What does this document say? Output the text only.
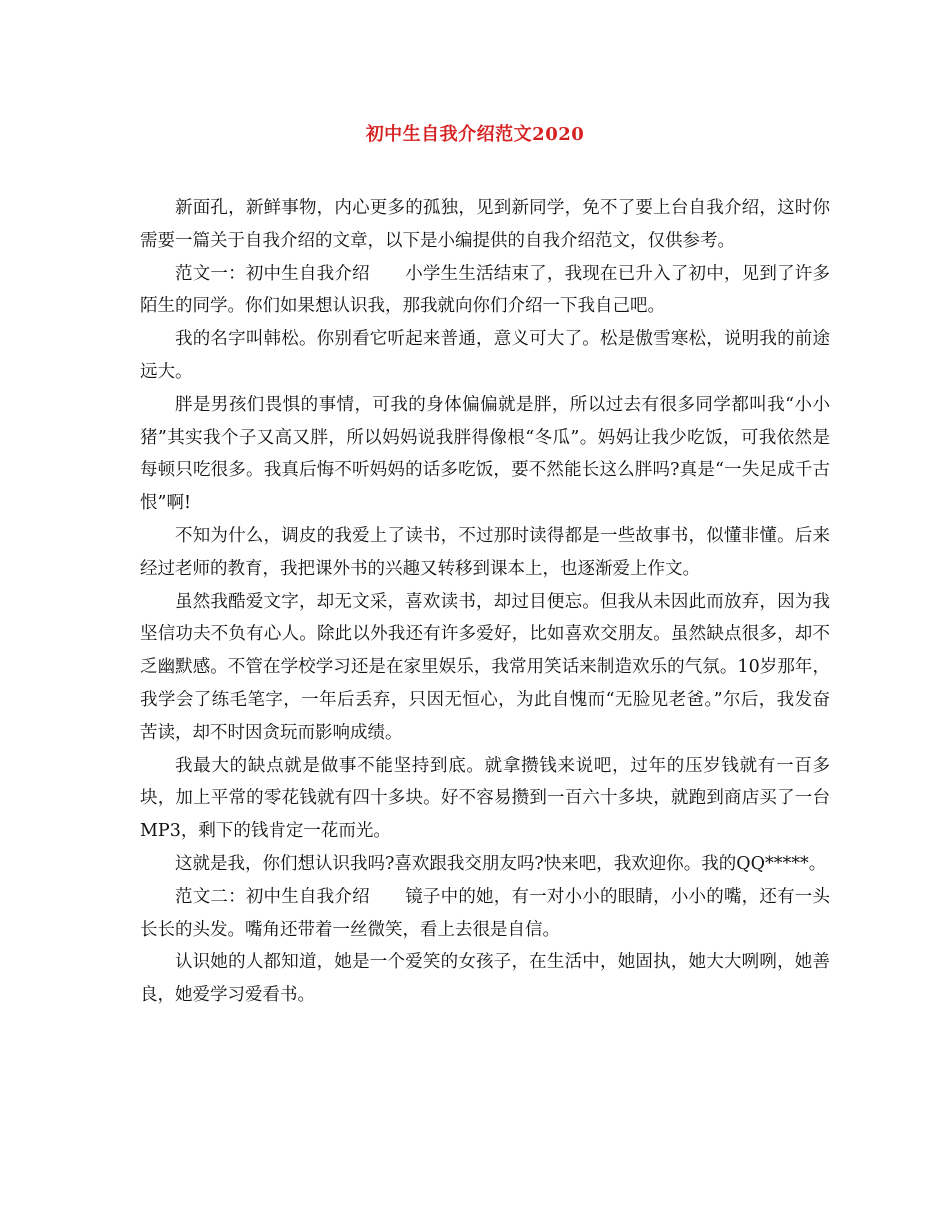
初中生自我介绍范文2020

新面孔，新鲜事物，内心更多的孤独，见到新同学，免不了要上台自我介绍，这时你需要一篇关于自我介绍的文章，以下是小编提供的自我介绍范文，仅供参考。

范文一：初中生自我介绍　　小学生生活结束了，我现在已升入了初中，见到了许多陌生的同学。你们如果想认识我，那我就向你们介绍一下我自己吧。

我的名字叫韩松。你别看它听起来普通，意义可大了。松是傲雪寒松，说明我的前途远大。

胖是男孩们畏惧的事情，可我的身体偏偏就是胖，所以过去有很多同学都叫我“小小猪”其实我个子又高又胖，所以妈妈说我胖得像根“冬瓜”。妈妈让我少吃饭，可我依然是每顿只吃很多。我真后悔不听妈妈的话多吃饭，要不然能长这么胖吗?真是“一失足成千古恨”啊!

不知为什么，调皮的我爱上了读书，不过那时读得都是一些故事书，似懂非懂。后来经过老师的教育，我把课外书的兴趣又转移到课本上，也逐渐爱上作文。

虽然我酷爱文字，却无文采，喜欢读书，却过目便忘。但我从未因此而放弃，因为我坚信功夫不负有心人。除此以外我还有许多爱好，比如喜欢交朋友。虽然缺点很多，却不乏幽默感。不管在学校学习还是在家里娱乐，我常用笑话来制造欢乐的气氛。10岁那年，我学会了练毛笔字，一年后丢弃，只因无恒心，为此自愧而“无脸见老爸。”尔后，我发奋苦读，却不时因贪玩而影响成绩。

我最大的缺点就是做事不能坚持到底。就拿攒钱来说吧，过年的压岁钱就有一百多块，加上平常的零花钱就有四十多块。好不容易攒到一百六十多块，就跑到商店买了一台MP3，剩下的钱肯定一花而光。

这就是我，你们想认识我吗?喜欢跟我交朋友吗?快来吧，我欢迎你。我的QQ*****。

范文二：初中生自我介绍　　镜子中的她，有一对小小的眼睛，小小的嘴，还有一头长长的头发。嘴角还带着一丝微笑，看上去很是自信。

认识她的人都知道，她是一个爱笑的女孩子，在生活中，她固执，她大大咧咧，她善良，她爱学习爱看书。
